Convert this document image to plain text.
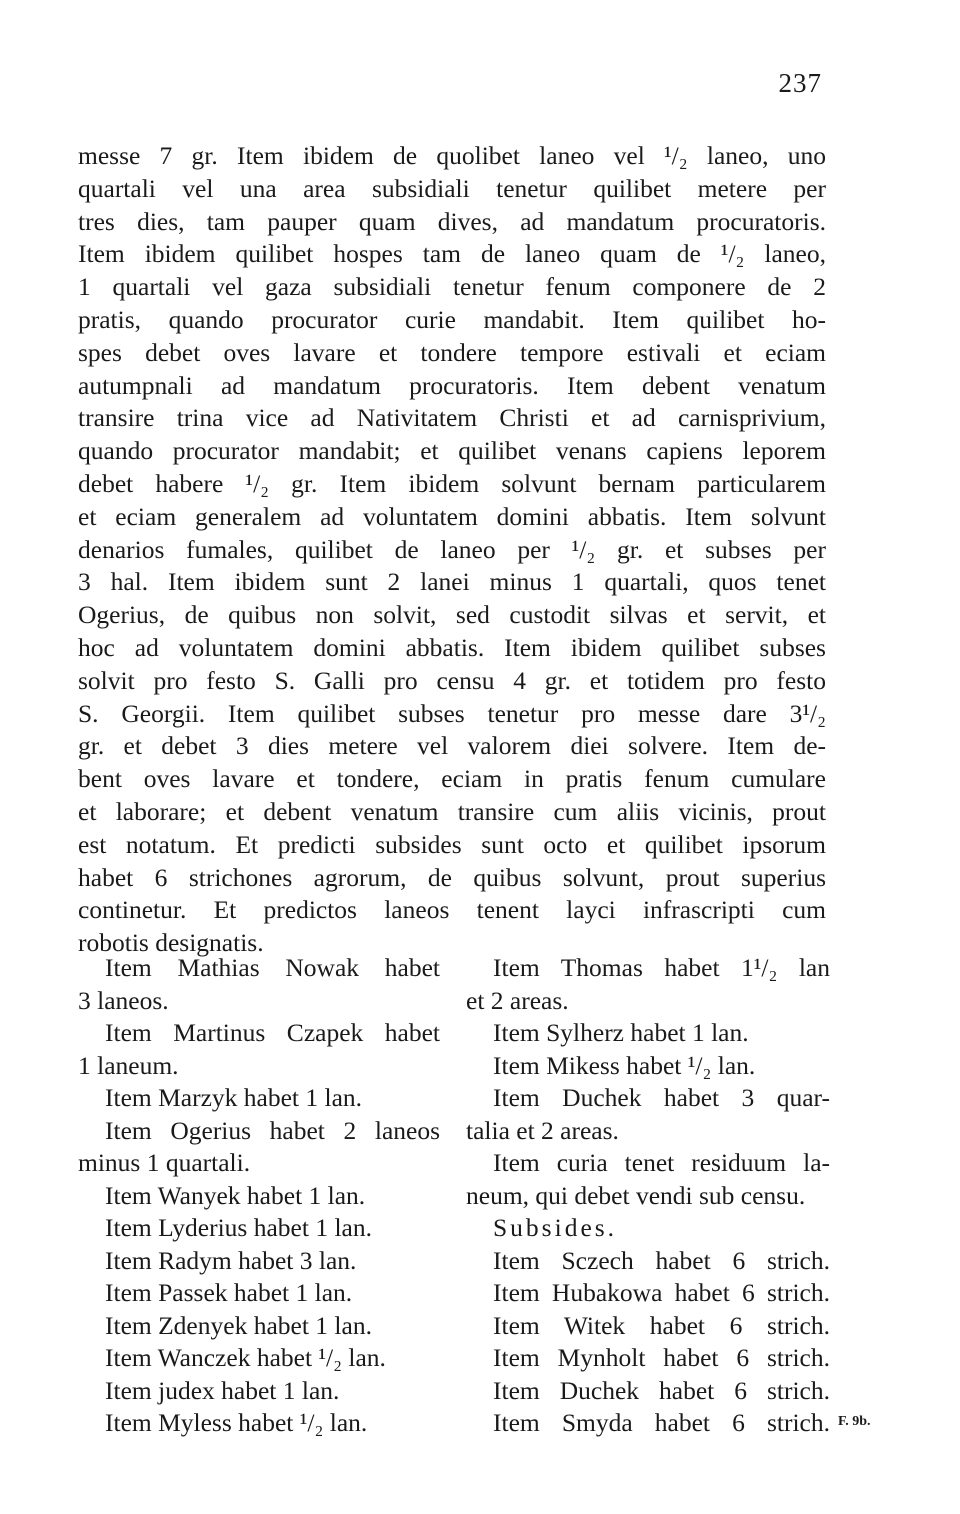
237
messe 7 gr. Item ibidem de quolibet laneo vel ¹/₂ laneo, uno
quartali vel una area subsidiali tenetur quilibet metere per
tres dies, tam pauper quam dives, ad mandatum procuratoris.
Item ibidem quilibet hospes tam de laneo quam de ¹/₂ laneo,
1 quartali vel gaza subsidiali tenetur fenum componere de 2
pratis, quando procurator curie mandabit. Item quilibet ho-
spes debet oves lavare et tondere tempore estivali et eciam
autumpnali ad mandatum procuratoris. Item debent venatum
transire trina vice ad Nativitatem Christi et ad carnisprivium,
quando procurator mandabit; et quilibet venans capiens leporem
debet habere ¹/₂ gr. Item ibidem solvunt bernam particularem
et eciam generalem ad voluntatem domini abbatis. Item solvunt
denarios fumales, quilibet de laneo per ¹/₂ gr. et subses per
3 hal. Item ibidem sunt 2 lanei minus 1 quartali, quos tenet
Ogerius, de quibus non solvit, sed custodit silvas et servit, et
hoc ad voluntatem domini abbatis. Item ibidem quilibet subses
solvit pro festo S. Galli pro censu 4 gr. et totidem pro festo
S. Georgii. Item quilibet subses tenetur pro messe dare 3¹/₂
gr. et debet 3 dies metere vel valorem diei solvere. Item de-
bent oves lavare et tondere, eciam in pratis fenum cumulare
et laborare; et debent venatum transire cum aliis vicinis, prout
est notatum. Et predicti subsides sunt octo et quilibet ipsorum
habet 6 strichones agrorum, de quibus solvunt, prout superius
continetur. Et predictos laneos tenent layci infrascripti cum
robotis designatis.

Item Mathias Nowak habet
3 laneos.

Item Martinus Czapek habet
1 laneum.

Item Marzyk habet 1 lan.

Item Ogerius habet 2 laneos
minus 1 quartali.

Item Wanyek habet 1 lan.

Item Lyderius habet 1 lan.

Item Radym habet 3 lan.

Item Passek habet 1 lan.

Item Zdenyek habet 1 lan.

Item Wanczek habet ¹/₂ lan.

Item judex habet 1 lan.

Item Myless habet ¹/₂ lan.

Item Thomas habet 1¹/₂ lan
et 2 areas.

Item Sylherz habet 1 lan.

Item Mikess habet ¹/₂ lan.

Item Duchek habet 3 quar-
talia et 2 areas.

Item curia tenet residuum la-
neum, qui debet vendi sub censu.

Subsides.

Item Sczech habet 6 strich.

Item Hubakowa habet 6 strich.

Item Witek habet 6 strich.

Item Mynholt habet 6 strich.

Item Duchek habet 6 strich.

Item Smyda habet 6 strich. F. 9b.
